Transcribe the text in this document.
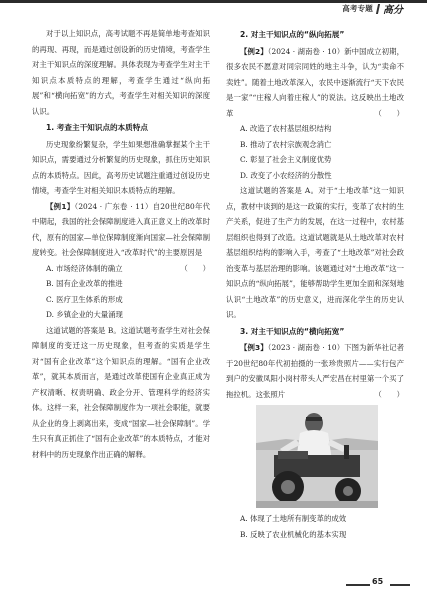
高考专题 高分

对于以上知识点，高考试题不再是简单地考查知识的再现、再现，而是通过创设新的历史情境，考查学生对主干知识点的深度理解。具体表现为考查学生对主干知识点本质特点的理解，考查学生通过“纵向拓展”和“横向拓宽”的方式，考查学生对相关知识的深度认识。

1. 考查主干知识点的本质特点

历史现象纷繁复杂，学生如果想准确掌握某个主干知识点，需要通过分析繁复的历史现象，抓住历史知识点的本质特点。因此，高考历史试题注重通过创设历史情境，考查学生对相关知识本质特点的理解。

【例1】（2024 · 广东卷 · 11）自20世纪80年代中期起，我国的社会保障制度进入真正意义上的改革时代，原有的国家—单位保障制度渐向国家—社会保障制度转变。社会保障制度进入“改革时代”的主要原因是
（　　）

A. 市场经济体制的确立

B. 国有企业改革的推进

C. 医疗卫生体系的形成

D. 乡镇企业的大量涌现

这道试题的答案是 B。这道试题考查学生对社会保障制度的变迁这一历史现象，但考查的实质是学生对“国有企业改革”这个知识点的理解。“国有企业改革”，就其本质而言，是通过改革使国有企业真正成为产权清晰、权责明确、政企分开、管理科学的经济实体。这样一来，社会保障制度作为一项社会职能，就要从企业的身上剥离出来，变成“国家—社会保障制”。学生只有真正抓住了“国有企业改革”的本质特点，才能对材料中的历史现象作出正确的解释。

2. 对主干知识点的“纵向拓展”

【例2】（2024 · 湖南卷 · 10）新中国成立初期，很多农民不愿意对同宗同姓的地主斗争，认为“卖命不卖姓”。随着土地改革深入，农民中逐渐流行“天下农民是一家”“庄稼人向着庄稼人”的说法。这反映出土地改革	（　　）

A. 改造了农村基层组织结构

B. 推动了农村宗族观念消亡

C. 彰显了社会主义制度优势

D. 改变了小农经济的分散性

这道试题的答案是 A。对于“土地改革”这一知识点，教材中谈到的是这一政策的实行，变革了农村的生产关系，促进了生产力的发展，在这一过程中，农村基层组织也得到了改造。这道试题就是从土地改革对农村基层组织结构的影响入手，考查了“土地改革”对社会政治变革与基层治理的影响。该题通过对“土地改革”这一知识点的“纵向拓展”，能够帮助学生更加全面和深刻地认识“土地改革”的历史意义，进而深化学生的历史认识。

3. 对主干知识点的“横向拓宽”

【例3】（2023 · 湖南卷 · 10）下图为新华社记者于20世纪80年代初拍摄的一张珍贵照片——实行包产到户的安徽凤阳小岗村带头人严宏昌在村里第一个买了拖拉机。这张照片	（　　）

A. 体现了土地所有制变革的成效

B. 反映了农业机械化的基本实现

65
